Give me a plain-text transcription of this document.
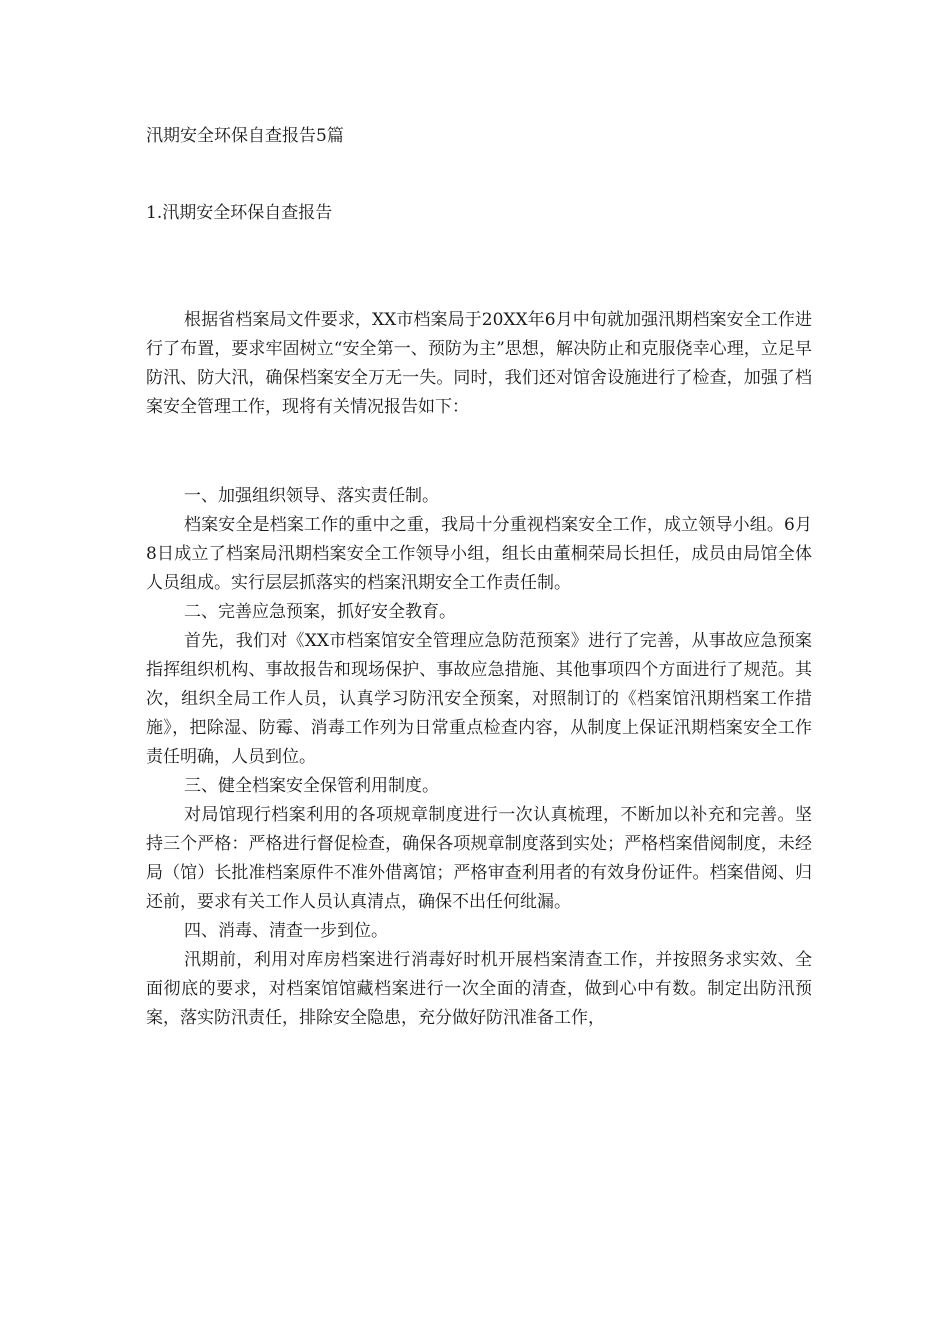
汛期安全环保自查报告5篇
1.汛期安全环保自查报告

根据省档案局文件要求，XX市档案局于20XX年6月中旬就加强汛期档案安全工作进行了布置，要求牢固树立“安全第一、预防为主”思想，解决防止和克服侥幸心理，立足早防汛、防大汛，确保档案安全万无一失。同时，我们还对馆舍设施进行了检查，加强了档案安全管理工作，现将有关情况报告如下：

一、加强组织领导、落实责任制。

档案安全是档案工作的重中之重，我局十分重视档案安全工作，成立领导小组。6月8日成立了档案局汛期档案安全工作领导小组，组长由董桐荣局长担任，成员由局馆全体人员组成。实行层层抓落实的档案汛期安全工作责任制。

二、完善应急预案，抓好安全教育。

首先，我们对《XX市档案馆安全管理应急防范预案》进行了完善，从事故应急预案指挥组织机构、事故报告和现场保护、事故应急措施、其他事项四个方面进行了规范。其次，组织全局工作人员，认真学习防汛安全预案，对照制订的《档案馆汛期档案工作措施》，把除湿、防霉、消毒工作列为日常重点检查内容，从制度上保证汛期档案安全工作责任明确，人员到位。

三、健全档案安全保管利用制度。

对局馆现行档案利用的各项规章制度进行一次认真梳理，不断加以补充和完善。坚持三个严格：严格进行督促检查，确保各项规章制度落到实处；严格档案借阅制度，未经局（馆）长批准档案原件不准外借离馆；严格审查利用者的有效身份证件。档案借阅、归还前，要求有关工作人员认真清点，确保不出任何纰漏。

四、消毒、清查一步到位。

汛期前，利用对库房档案进行消毒好时机开展档案清查工作，并按照务求实效、全面彻底的要求，对档案馆馆藏档案进行一次全面的清查，做到心中有数。制定出防汛预案，落实防汛责任，排除安全隐患，充分做好防汛准备工作，
